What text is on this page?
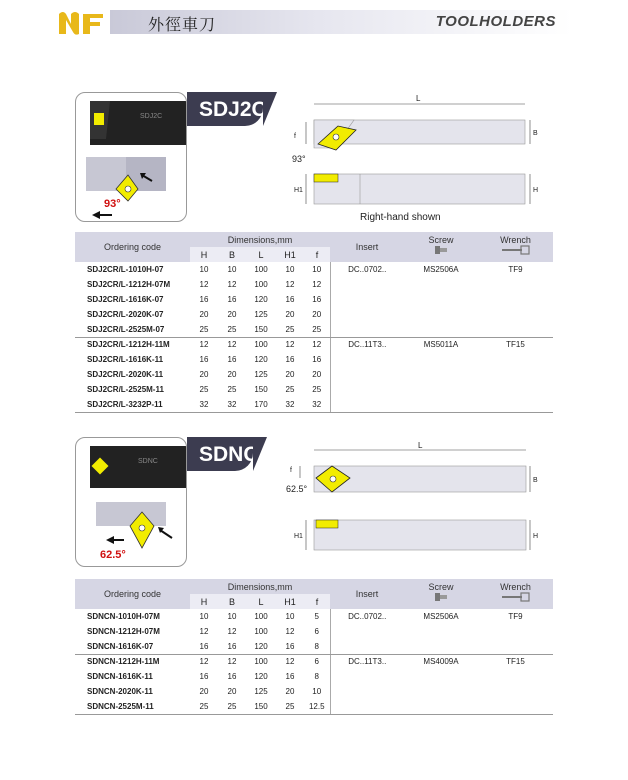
外徑車刀	TOOLHOLDERS
SDJ2C
93°
SDJ2C	L
f	B
93°
H1	H
Right-hand shown
Ordering code	Dimensions,mm					Insert	Screw	Wrench

	H	B	L	H1	f			
SDJ2CR/L-1010H-07	10	10	100	10	10	DC..0702..	MS2506A	TF9
SDJ2CR/L-1212H-07M	12	12	100	12	12			
SDJ2CR/L-1616K-07	16	16	120	16	16			
SDJ2CR/L-2020K-07	20	20	125	20	20			
SDJ2CR/L-2525M-07	25	25	150	25	25			
SDJ2CR/L-1212H-11M	12	12	100	12	12	DC..11T3..	MS5011A	TF15
SDJ2CR/L-1616K-11	16	16	120	16	16			
SDJ2CR/L-2020K-11	20	20	125	20	20			
SDJ2CR/L-2525M-11	25	25	150	25	25			
SDJ2CR/L-3232P-11	32	32	170	32	32			
SDNC
62.5°
SDNC	L
f
62.5°
B
H1	H
Ordering code	Dimensions,mm					Insert	Screw	Wrench

	H	B	L	H1	f			
SDNCN-1010H-07M	10	10	100	10	5	DC..0702..	MS2506A	TF9
SDNCN-1212H-07M	12	12	100	12	6			
SDNCN-1616K-07	16	16	120	16	8			
SDNCN-1212H-11M	12	12	100	12	6	DC..11T3..	MS4009A	TF15
SDNCN-1616K-11	16	16	120	16	8			
SDNCN-2020K-11	20	20	125	20	10			
SDNCN-2525M-11	25	25	150	25	12.5			
